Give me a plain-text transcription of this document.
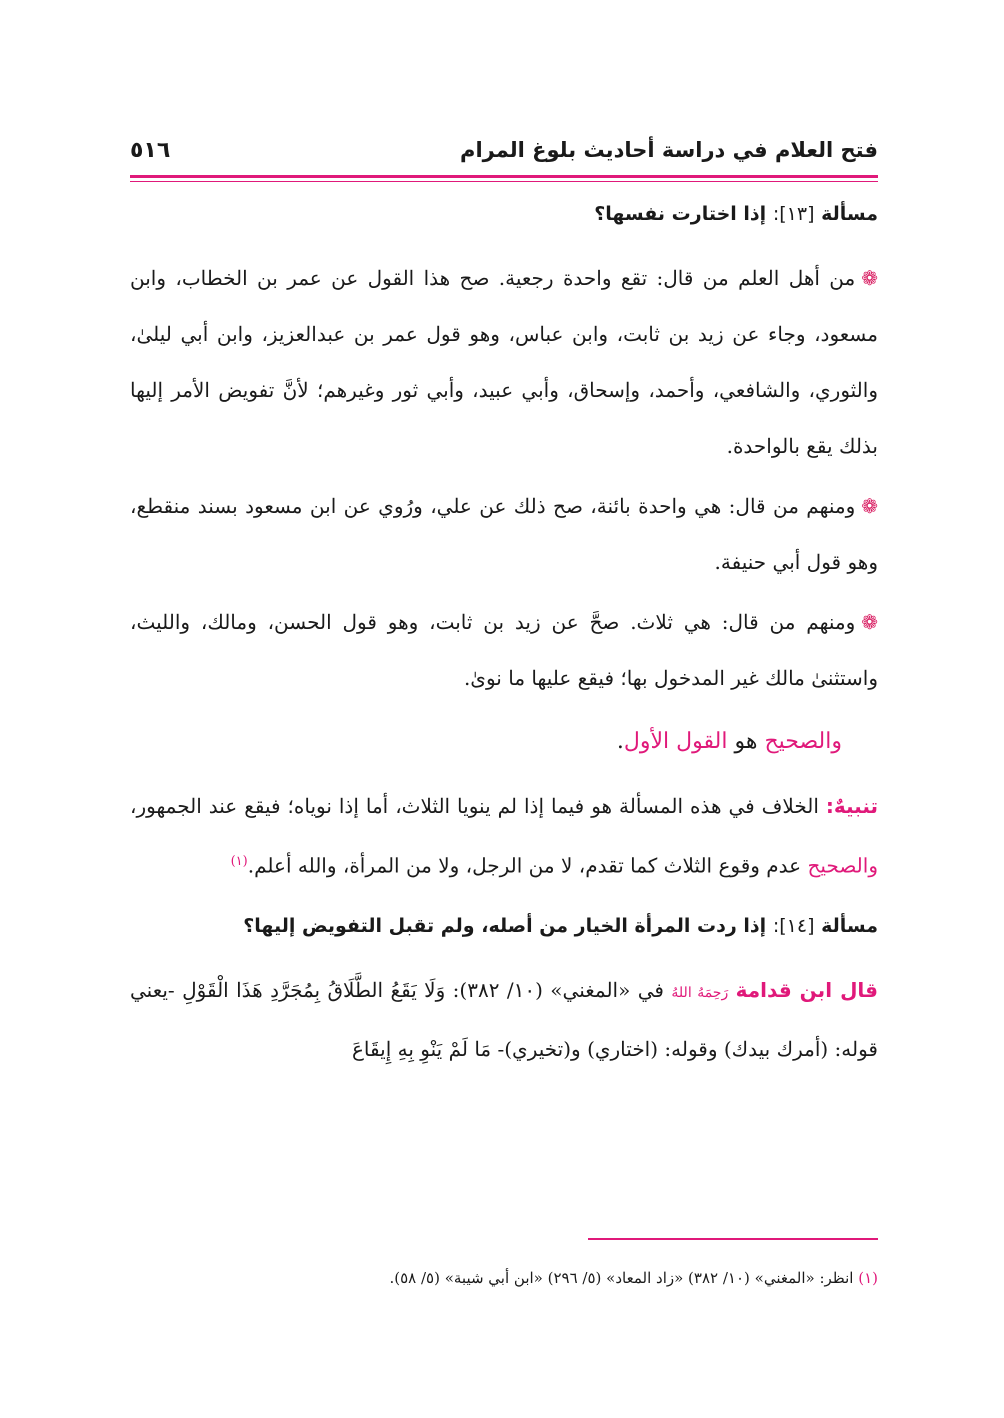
٥١٦	فتح العلام في دراسة أحاديث بلوغ المرام
مسألة [١٣]: إذا اختارت نفسها؟

❁من أهل العلم من قال: تقع واحدة رجعية. صح هذا القول عن عمر بن الخطاب، وابن مسعود، وجاء عن زيد بن ثابت، وابن عباس، وهو قول عمر بن عبدالعزيز، وابن أبي ليلىٰ، والثوري، والشافعي، وأحمد، وإسحاق، وأبي عبيد، وأبي ثور وغيرهم؛ لأنَّ تفويض الأمر إليها بذلك يقع بالواحدة.

❁ومنهم من قال: هي واحدة بائنة، صح ذلك عن علي، ورُوي عن ابن مسعود بسند منقطع، وهو قول أبي حنيفة.

❁ومنهم من قال: هي ثلاث. صحَّ عن زيد بن ثابت، وهو قول الحسن، ومالك، والليث، واستثنىٰ مالك غير المدخول بها؛ فيقع عليها ما نوىٰ.

والصحيح هو القول الأول.

تنبيهٌ: الخلاف في هذه المسألة هو فيما إذا لم ينويا الثلاث، أما إذا نوياه؛ فيقع عند الجمهور، والصحيح عدم وقوع الثلاث كما تقدم، لا من الرجل، ولا من المرأة، والله أعلم.$^{(١)}$

مسألة [١٤]: إذا ردت المرأة الخيار من أصله، ولم تقبل التفويض إليها؟

قال ابن قدامة رَحِمَهُ اللهُ في «المغني» (١٠/ ٣٨٢): وَلَا يَقَعُ الطَّلَاقُ بِمُجَرَّدِ هَذَا الْقَوْلِ -يعني قوله: (أمرك بيدك) وقوله: (اختاري) و(تخيري)- مَا لَمْ يَنْوِ بِهِ إِيقَاعَ

(١) انظر: «المغني» (١٠/ ٣٨٢) «زاد المعاد» (٥/ ٢٩٦) «ابن أبي شيبة» (٥/ ٥٨).
